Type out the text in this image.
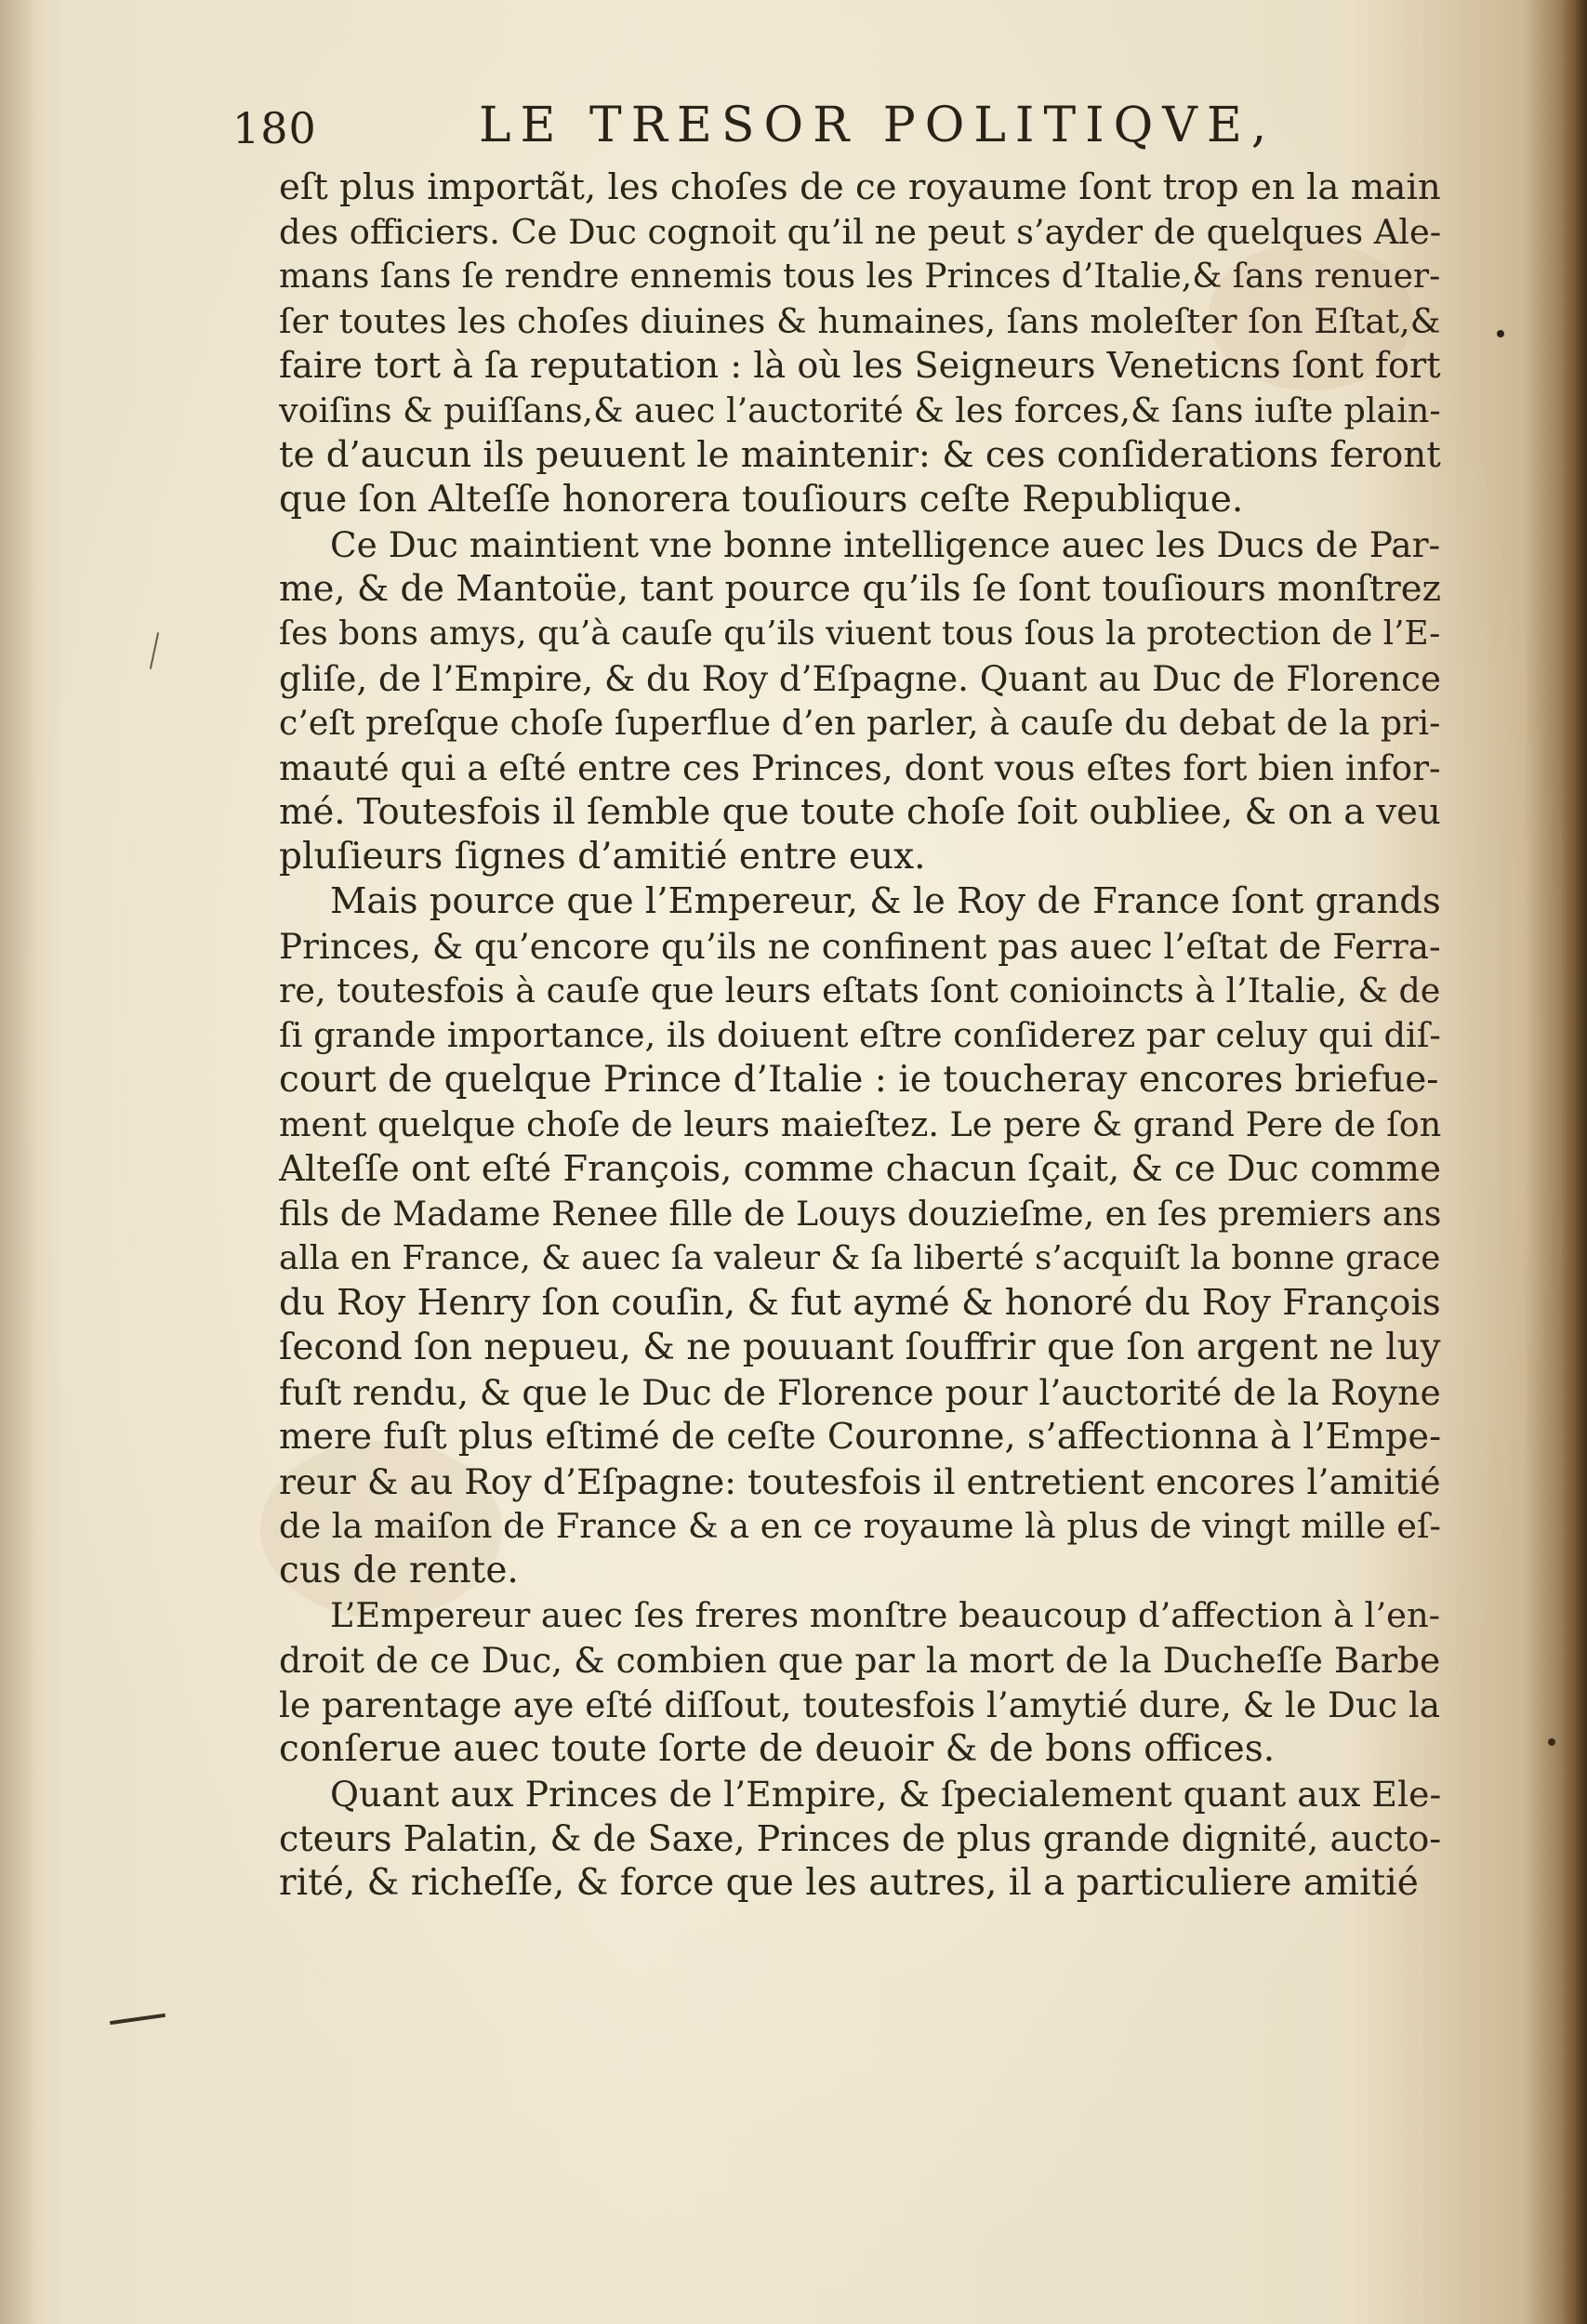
180	LE TRESOR POLITIQVE,
eſt plus importãt, les choſes de ce royaume ſont trop en la main
des officiers. Ce Duc cognoit qu’il ne peut s’ayder de quelques Ale-
mans ſans ſe rendre ennemis tous les Princes d’Italie,& ſans renuer-
ſer toutes les choſes diuines & humaines, ſans moleſter ſon Eſtat,&
faire tort à ſa reputation : là où les Seigneurs Veneticns ſont fort
voiſins & puiſſans,& auec l’auctorité & les forces,& ſans iuſte plain-
te d’aucun ils peuuent le maintenir: & ces conſiderations feront
que ſon Alteſſe honorera touſiours ceſte Republique.
Ce Duc maintient vne bonne intelligence auec les Ducs de Par-
me, & de Mantoüe, tant pource qu’ils ſe ſont touſiours monſtrez
ſes bons amys, qu’à cauſe qu’ils viuent tous ſous la protection de l’E-
gliſe, de l’Empire, & du Roy d’Eſpagne. Quant au Duc de Florence
c’eſt preſque choſe ſuperflue d’en parler, à cauſe du debat de la pri-
mauté qui a eſté entre ces Princes, dont vous eſtes fort bien infor-
mé. Toutesfois il ſemble que toute choſe ſoit oubliee, & on a veu
pluſieurs ſignes d’amitié entre eux.
Mais pource que l’Empereur, & le Roy de France ſont grands
Princes, & qu’encore qu’ils ne confinent pas auec l’eſtat de Ferra-
re, toutesfois à cauſe que leurs eſtats ſont conioincts à l’Italie, & de
ſi grande importance, ils doiuent eſtre conſiderez par celuy qui diſ-
court de quelque Prince d’Italie : ie toucheray encores briefue-
ment quelque choſe de leurs maieſtez. Le pere & grand Pere de ſon
Alteſſe ont eſté François, comme chacun ſçait, & ce Duc comme
fils de Madame Renee fille de Louys douzieſme, en ſes premiers ans
alla en France, & auec ſa valeur & ſa liberté s’acquiſt la bonne grace
du Roy Henry ſon couſin, & fut aymé & honoré du Roy François
ſecond ſon nepueu, & ne pouuant ſouffrir que ſon argent ne luy
fuſt rendu, & que le Duc de Florence pour l’auctorité de la Royne
mere fuſt plus eſtimé de ceſte Couronne, s’affectionna à l’Empe-
reur & au Roy d’Eſpagne: toutesfois il entretient encores l’amitié
de la maiſon de France & a en ce royaume là plus de vingt mille eſ-
cus de rente.
L’Empereur auec ſes freres monſtre beaucoup d’affection à l’en-
droit de ce Duc, & combien que par la mort de la Ducheſſe Barbe
le parentage aye eſté diſſout, toutesfois l’amytié dure, & le Duc la
conſerue auec toute ſorte de deuoir & de bons offices.
Quant aux Princes de l’Empire, & ſpecialement quant aux Ele-
cteurs Palatin, & de Saxe, Princes de plus grande dignité, aucto-
rité, & richeſſe, & force que les autres, il a particuliere amitié
